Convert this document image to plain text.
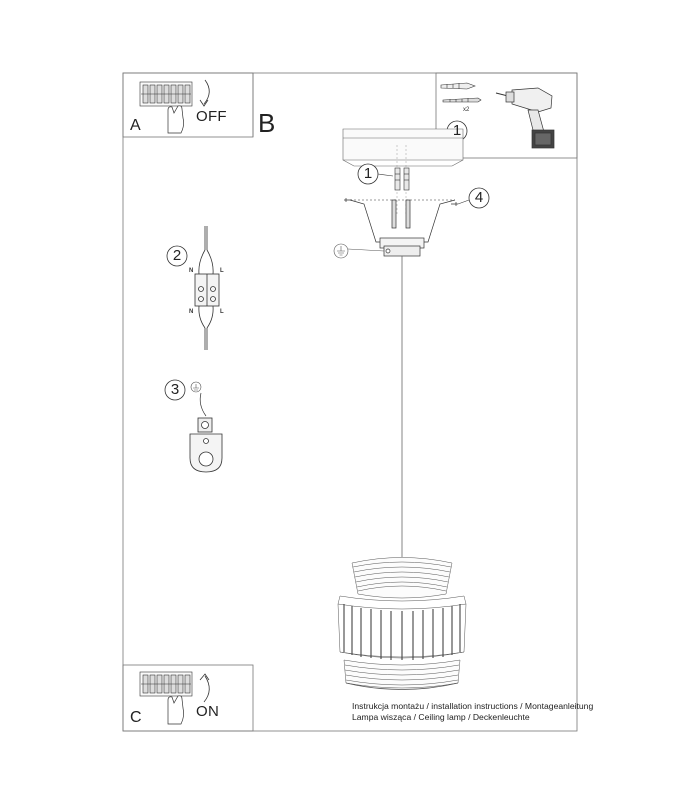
A
OFF B
C	ON
1
1
2
3
4
x2
N	L
N	L
Instrukcja montażu / installation instructions / Montageanleitung
Lampa wisząca / Ceiling lamp / Deckenleuchte
